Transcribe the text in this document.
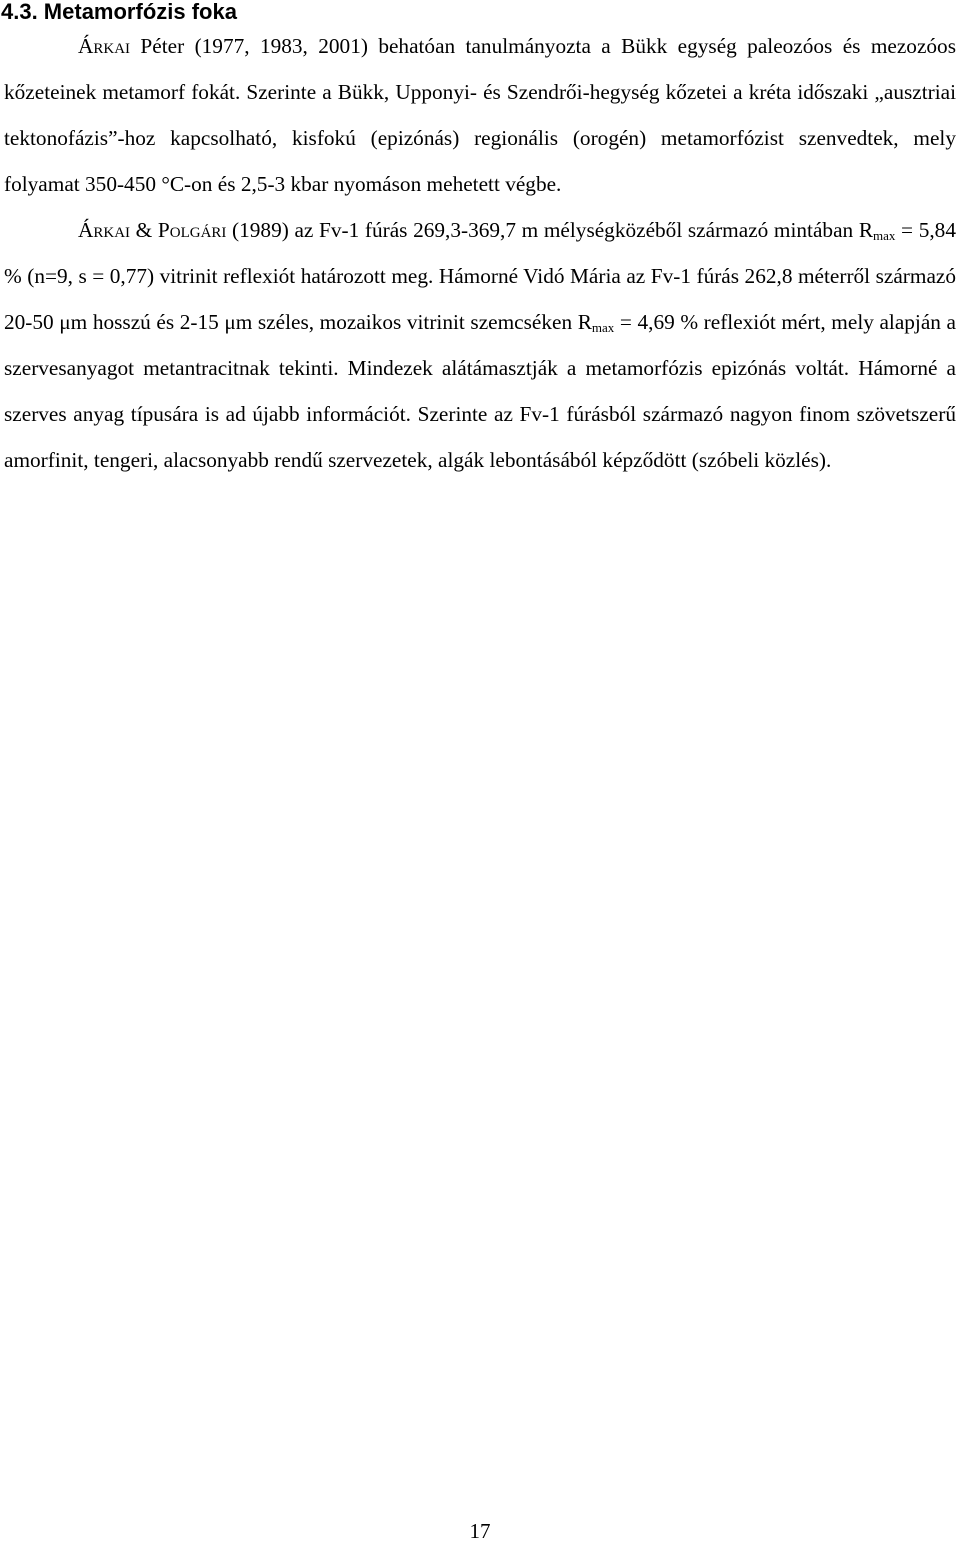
4.3. Metamorfózis foka

Árkai Péter (1977, 1983, 2001) behatóan tanulmányozta a Bükk egység paleozóos és mezozóos kőzeteinek metamorf fokát. Szerinte a Bükk, Upponyi- és Szendrői-hegység kőzetei a kréta időszaki „ausztriai tektonofázis”-hoz kapcsolható, kisfokú (epizónás) regionális (orogén) metamorfózist szenvedtek, mely folyamat 350-450 °C-on és 2,5-3 kbar nyomáson mehetett végbe.

Árkai & Polgári (1989) az Fv-1 fúrás 269,3-369,7 m mélységközéből származó mintában $R_{max} = 5,84$ % (n=9, s = 0,77) vitrinit reflexiót határozott meg. Hámorné Vidó Mária az Fv-1 fúrás 262,8 méterről származó 20-50 μm hosszú és 2-15 μm széles, mozaikos vitrinit szemcséken $R_{max} = 4,69$ % reflexiót mért, mely alapján a szervesanyagot metantracitnak tekinti. Mindezek alátámasztják a metamorfózis epizónás voltát. Hámorné a szerves anyag típusára is ad újabb információt. Szerinte az Fv-1 fúrásból származó nagyon finom szövetszerű amorfinit, tengeri, alacsonyabb rendű szervezetek, algák lebontásából képződött (szóbeli közlés).

17
